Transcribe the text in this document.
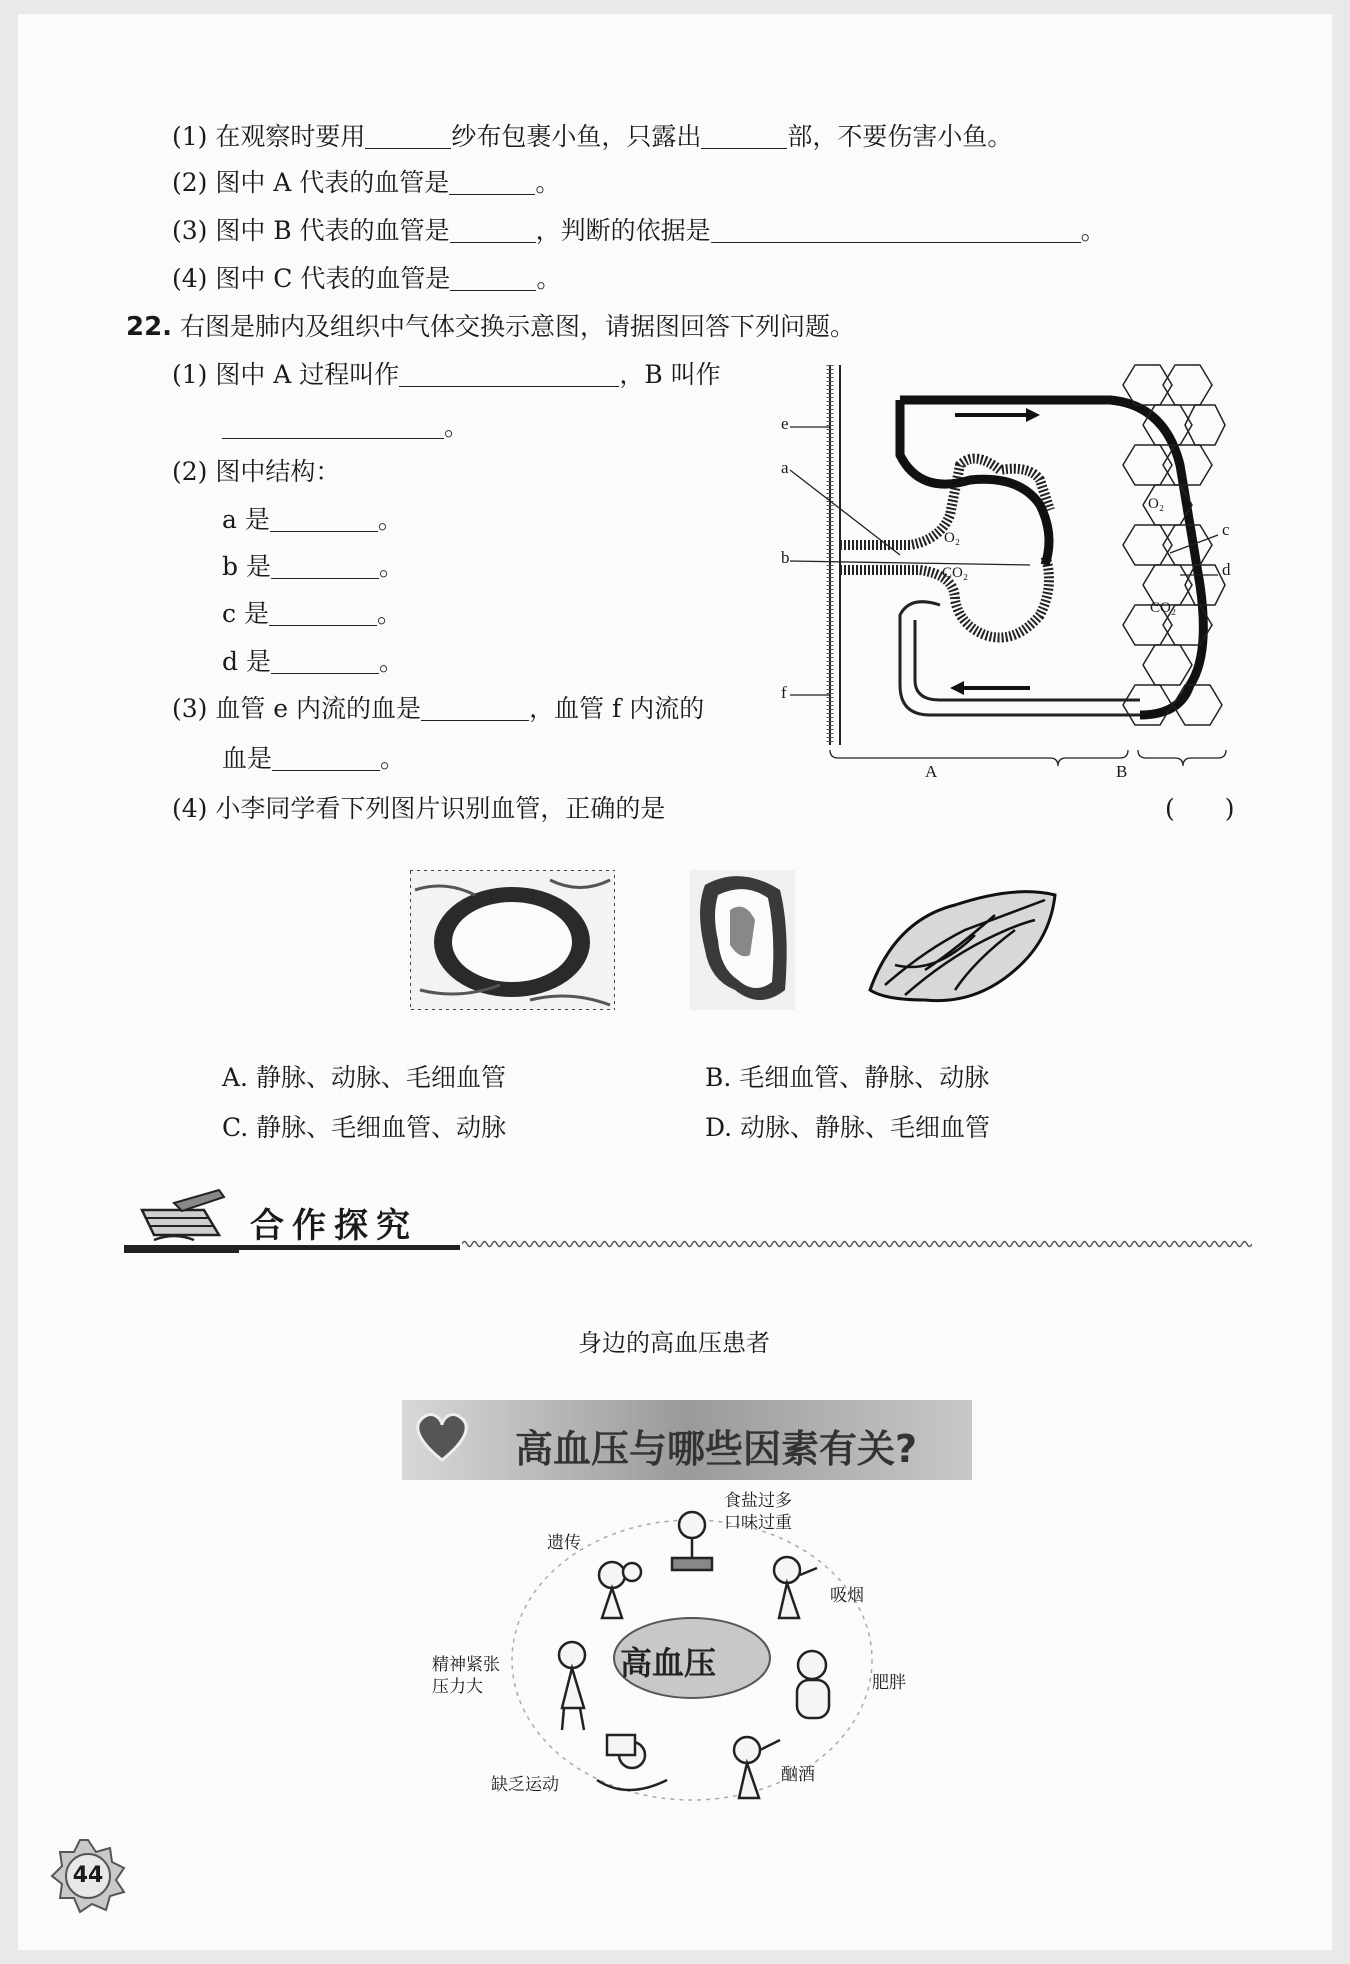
(1) 在观察时要用	纱布包裹小鱼，只露出	部，不要伤害小鱼。
(2) 图中 A 代表的血管是	。
(3) 图中 B 代表的血管是	，判断的依据是	。
(4) 图中 C 代表的血管是	。
22. 右图是肺内及组织中气体交换示意图，请据图回答下列问题。
(1) 图中 A 过程叫作	，B 叫作
。
(2) 图中结构：
a 是	。
b 是	。
c 是	。
d 是	。
(3) 血管 e 内流的血是	，血管 f 内流的
血是	。
(4) 小李同学看下列图片识别血管，正确的是	(　　)
e
a
b
f
c
d
A	B
O₂
CO₂
O₂
CO₂
A. 静脉、动脉、毛细血管	B. 毛细血管、静脉、动脉
C. 静脉、毛细血管、动脉	D. 动脉、静脉、毛细血管
合作探究
身边的高血压患者
高血压与哪些因素有关?
高血压
食盐过多
口味过重
遗传
吸烟
精神紧张
压力大	肥胖
缺乏运动	酗酒
44
